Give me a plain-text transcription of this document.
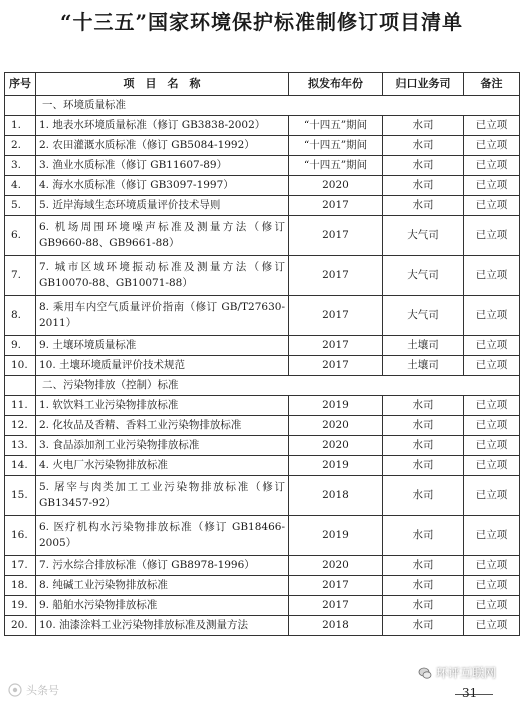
“十三五”国家环境保护标准制修订项目清单
序号	项　目　名　称	拟发布年份	归口业务司	备注
	一、环境质量标准			
1.	1. 地表水环境质量标准（修订 GB3838-2002）	“十四五”期间	水司	已立项
2.	2. 农田灌溉水质标准（修订 GB5084-1992）	“十四五”期间	水司	已立项
3.	3. 渔业水质标准（修订 GB11607-89）	“十四五”期间	水司	已立项
4.	4. 海水水质标准（修订 GB3097-1997）	2020	水司	已立项
5.	5. 近岸海域生态环境质量评价技术导则	2017	水司	已立项
6.	6. 机场周围环境噪声标准及测量方法（修订 GB9660-88、GB9661-88）	2017	大气司	已立项
7.	7. 城市区域环境振动标准及测量方法（修订 GB10070-88、GB10071-88）	2017	大气司	已立项
8.	8. 乘用车内空气质量评价指南（修订 GB/T27630-2011）	2017	大气司	已立项
9.	9. 土壤环境质量标准	2017	土壤司	已立项
10.	10. 土壤环境质量评价技术规范	2017	土壤司	已立项
	二、污染物排放（控制）标准			
11.	1. 软饮料工业污染物排放标准	2019	水司	已立项
12.	2. 化妆品及香精、香料工业污染物排放标准	2020	水司	已立项
13.	3. 食品添加剂工业污染物排放标准	2020	水司	已立项
14.	4. 火电厂水污染物排放标准	2019	水司	已立项
15.	5. 屠宰与肉类加工工业污染物排放标准（修订 GB13457-92）	2018	水司	已立项
16.	6. 医疗机构水污染物排放标准（修订 GB18466-2005）	2019	水司	已立项
17.	7. 污水综合排放标准（修订 GB8978-1996）	2020	水司	已立项
18.	8. 纯碱工业污染物排放标准	2017	水司	已立项
19.	9. 船舶水污染物排放标准	2017	水司	已立项
20.	10. 油漆涂料工业污染物排放标准及测量方法	2018	水司	已立项
头条号
环评互联网
31
